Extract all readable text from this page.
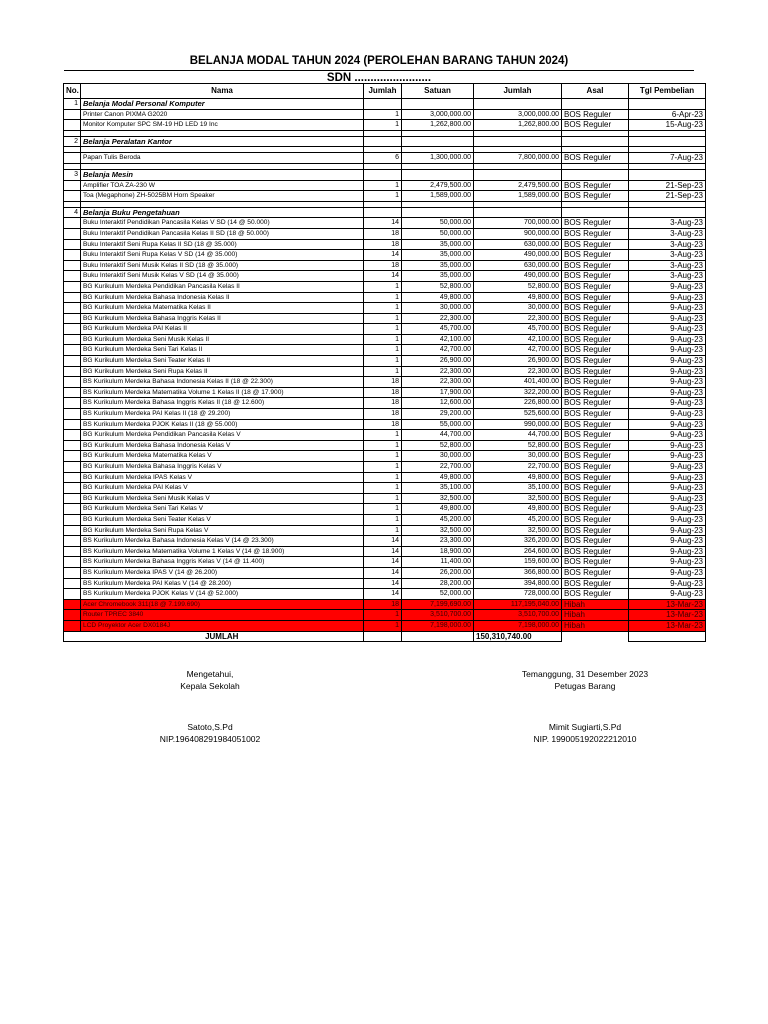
BELANJA MODAL TAHUN 2024 (PEROLEHAN BARANG TAHUN 2024)
SDN ........................
No.	Nama	Jumlah	Satuan	Jumlah	Asal	Tgl Pembelian
1	Belanja Modal Personal Komputer					
	Printer Canon PIXMA G2020	1	3,000,000.00	3,000,000.00	BOS Reguler	6-Apr-23
	Monitor Komputer SPC SM-19 HD LED 19 Inc	1	1,262,800.00	1,262,800.00	BOS Reguler	15-Aug-23

2	Belanja Peralatan Kantor					

	Papan Tulis Beroda	6	1,300,000.00	7,800,000.00	BOS Reguler	7-Aug-23

3	Belanja Mesin					
	Amplifier TOA ZA-230 W	1	2,479,500.00	2,479,500.00	BOS Reguler	21-Sep-23
	Toa (Megaphone) ZH-5025BM Horn Speaker	1	1,589,000.00	1,589,000.00	BOS Reguler	21-Sep-23

4	Belanja Buku Pengetahuan					
	Buku Interaktif Pendidikan Pancasila Kelas V SD (14 @ 50.000)	14	50,000.00	700,000.00	BOS Reguler	3-Aug-23
	Buku Interaktif Pendidikan Pancasila Kelas II SD (18 @ 50.000)	18	50,000.00	900,000.00	BOS Reguler	3-Aug-23
	Buku Interaktif Seni Rupa Kelas II SD (18 @ 35.000)	18	35,000.00	630,000.00	BOS Reguler	3-Aug-23
	Buku Interaktif Seni Rupa Kelas V SD (14 @ 35.000)	14	35,000.00	490,000.00	BOS Reguler	3-Aug-23
	Buku Interaktif Seni Musik Kelas II SD (18 @ 35.000)	18	35,000.00	630,000.00	BOS Reguler	3-Aug-23
	Buku Interaktif Seni Musik Kelas V SD (14 @ 35.000)	14	35,000.00	490,000.00	BOS Reguler	3-Aug-23
	BG Kurikulum Merdeka Pendidikan Pancasila Kelas II	1	52,800.00	52,800.00	BOS Reguler	9-Aug-23
	BG Kurikulum Merdeka Bahasa Indonesia Kelas II	1	49,800.00	49,800.00	BOS Reguler	9-Aug-23
	BG Kurikulum Merdeka Matematika Kelas II	1	30,000.00	30,000.00	BOS Reguler	9-Aug-23
	BG Kurikulum Merdeka Bahasa Inggris Kelas II	1	22,300.00	22,300.00	BOS Reguler	9-Aug-23
	BG Kurikulum Merdeka PAI Kelas II	1	45,700.00	45,700.00	BOS Reguler	9-Aug-23
	BG Kurikulum Merdeka Seni Musik Kelas II	1	42,100.00	42,100.00	BOS Reguler	9-Aug-23
	BG Kurikulum Merdeka Seni Tari Kelas II	1	42,700.00	42,700.00	BOS Reguler	9-Aug-23
	BG Kurikulum Merdeka Seni Teater Kelas II	1	26,900.00	26,900.00	BOS Reguler	9-Aug-23
	BG Kurikulum Merdeka Seni Rupa Kelas II	1	22,300.00	22,300.00	BOS Reguler	9-Aug-23
	BS Kurikulum Merdeka Bahasa Indonesia Kelas II (18 @ 22.300)	18	22,300.00	401,400.00	BOS Reguler	9-Aug-23
	BS Kurikulum Merdeka Matematika Volume 1 Kelas II (18 @ 17.900)	18	17,900.00	322,200.00	BOS Reguler	9-Aug-23
	BS Kurikulum Merdeka Bahasa Inggris Kelas II (18 @ 12.600)	18	12,600.00	226,800.00	BOS Reguler	9-Aug-23
	BS Kurikulum Merdeka PAI Kelas II (18 @ 29.200)	18	29,200.00	525,600.00	BOS Reguler	9-Aug-23
	BS Kurikulum Merdeka PJOK Kelas II (18 @ 55.000)	18	55,000.00	990,000.00	BOS Reguler	9-Aug-23
	BG Kurikulum Merdeka Pendidikan Pancasila Kelas V	1	44,700.00	44,700.00	BOS Reguler	9-Aug-23
	BG Kurikulum Merdeka Bahasa Indonesia Kelas V	1	52,800.00	52,800.00	BOS Reguler	9-Aug-23
	BG Kurikulum Merdeka Matematika Kelas V	1	30,000.00	30,000.00	BOS Reguler	9-Aug-23
	BG Kurikulum Merdeka Bahasa Inggris Kelas V	1	22,700.00	22,700.00	BOS Reguler	9-Aug-23
	BG Kurikulum Merdeka IPAS Kelas V	1	49,800.00	49,800.00	BOS Reguler	9-Aug-23
	BG Kurikulum Merdeka PAI Kelas V	1	35,100.00	35,100.00	BOS Reguler	9-Aug-23
	BG Kurikulum Merdeka Seni Musik Kelas V	1	32,500.00	32,500.00	BOS Reguler	9-Aug-23
	BG Kurikulum Merdeka Seni Tari Kelas V	1	49,800.00	49,800.00	BOS Reguler	9-Aug-23
	BG Kurikulum Merdeka Seni Teater Kelas V	1	45,200.00	45,200.00	BOS Reguler	9-Aug-23
	BG Kurikulum Merdeka Seni Rupa Kelas V	1	32,500.00	32,500.00	BOS Reguler	9-Aug-23
	BS Kurikulum Merdeka Bahasa Indonesia Kelas V (14 @ 23.300)	14	23,300.00	326,200.00	BOS Reguler	9-Aug-23
	BS Kurikulum Merdeka Matematika Volume 1 Kelas V (14 @ 18.900)	14	18,900.00	264,600.00	BOS Reguler	9-Aug-23
	BS Kurikulum Merdeka Bahasa Inggris Kelas V (14 @ 11.400)	14	11,400.00	159,600.00	BOS Reguler	9-Aug-23
	BS Kurikulum Merdeka IPAS V (14 @ 26.200)	14	26,200.00	366,800.00	BOS Reguler	9-Aug-23
	BS Kurikulum Merdeka PAI Kelas V (14 @ 28.200)	14	28,200.00	394,800.00	BOS Reguler	9-Aug-23
	BS Kurikulum Merdeka PJOK Kelas V (14 @ 52.000)	14	52,000.00	728,000.00	BOS Reguler	9-Aug-23
	Acer Chromebook 311(18 @ 7.199.690)	18	7,199,690.00	117,195,040.00	Hibah	13-Mar-23
	Router TPREC 3840	1	3,510,700.00	3,510,700.00	Hibah	13-Mar-23
	LCD Proyektor Acer DX0184J	1	7,198,000.00	7,198,000.00	Hibah	13-Mar-23
	JUMLAH			150,310,740.00		
Mengetahui,
Kepala Sekolah
Satoto,S.Pd
NIP.196408291984051002
Temanggung, 31 Desember 2023
Petugas Barang
Mimit Sugiarti,S.Pd
NIP. 199005192022212010
